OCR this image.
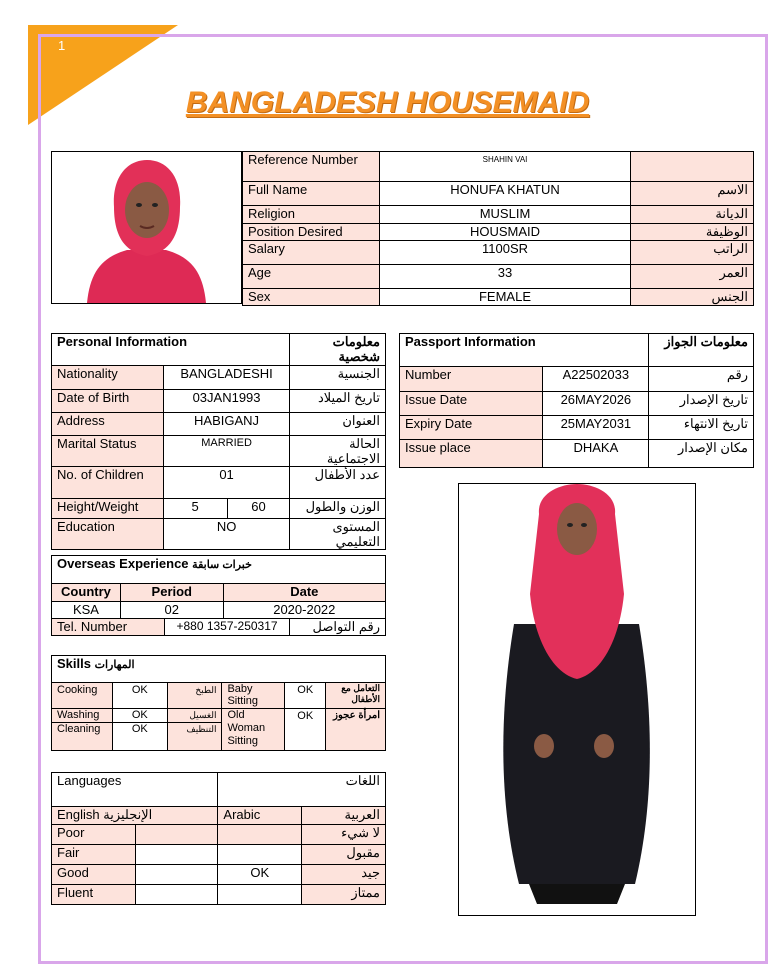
1
BANGLADESH HOUSEMAID
Reference Number	SHAHIN VAI	
Full Name	HONUFA KHATUN	الاسم
Religion	MUSLIM	الديانة
Position Desired	HOUSMAID	الوظيفة
Salary	1100SR	الراتب
Age	33	العمر
Sex	FEMALE	الجنس
Personal Information			معلومات شخصية
Nationality	BANGLADESHI		الجنسية
Date of Birth	03JAN1993		تاريخ الميلاد
Address	HABIGANJ		العنوان
Marital Status	MARRIED		الحالة الاجتماعية
No. of Children	01		عدد الأطفال
Height/Weight	5	60	الوزن والطول
Education	NO		المستوى التعليمي
Passport Information		معلومات الجواز
Number	A22502033	رقم
Issue Date	26MAY2026	تاريخ الإصدار
Expiry Date	25MAY2031	تاريخ الانتهاء
Issue place	DHAKA	مكان الإصدار
Overseas Experience خبرات سابقة				
Country	Period		Date	
KSA	02		2020-2022	
Tel. Number		+880 1357-250317		رقم التواصل
Skills المهارات					
Cooking	OK	الطبخ	Baby Sitting	OK	التعامل مع الأطفال
Washing	OK	الغسيل	Old Woman Sitting	OK	امرأة عجوز
Cleaning	OK	التنظيف			
Languages		اللغات	
English الإنجليزية		Arabic	العربية
Poor			لا شيء
Fair			مقبول
Good		OK	جيد
Fluent			ممتاز
